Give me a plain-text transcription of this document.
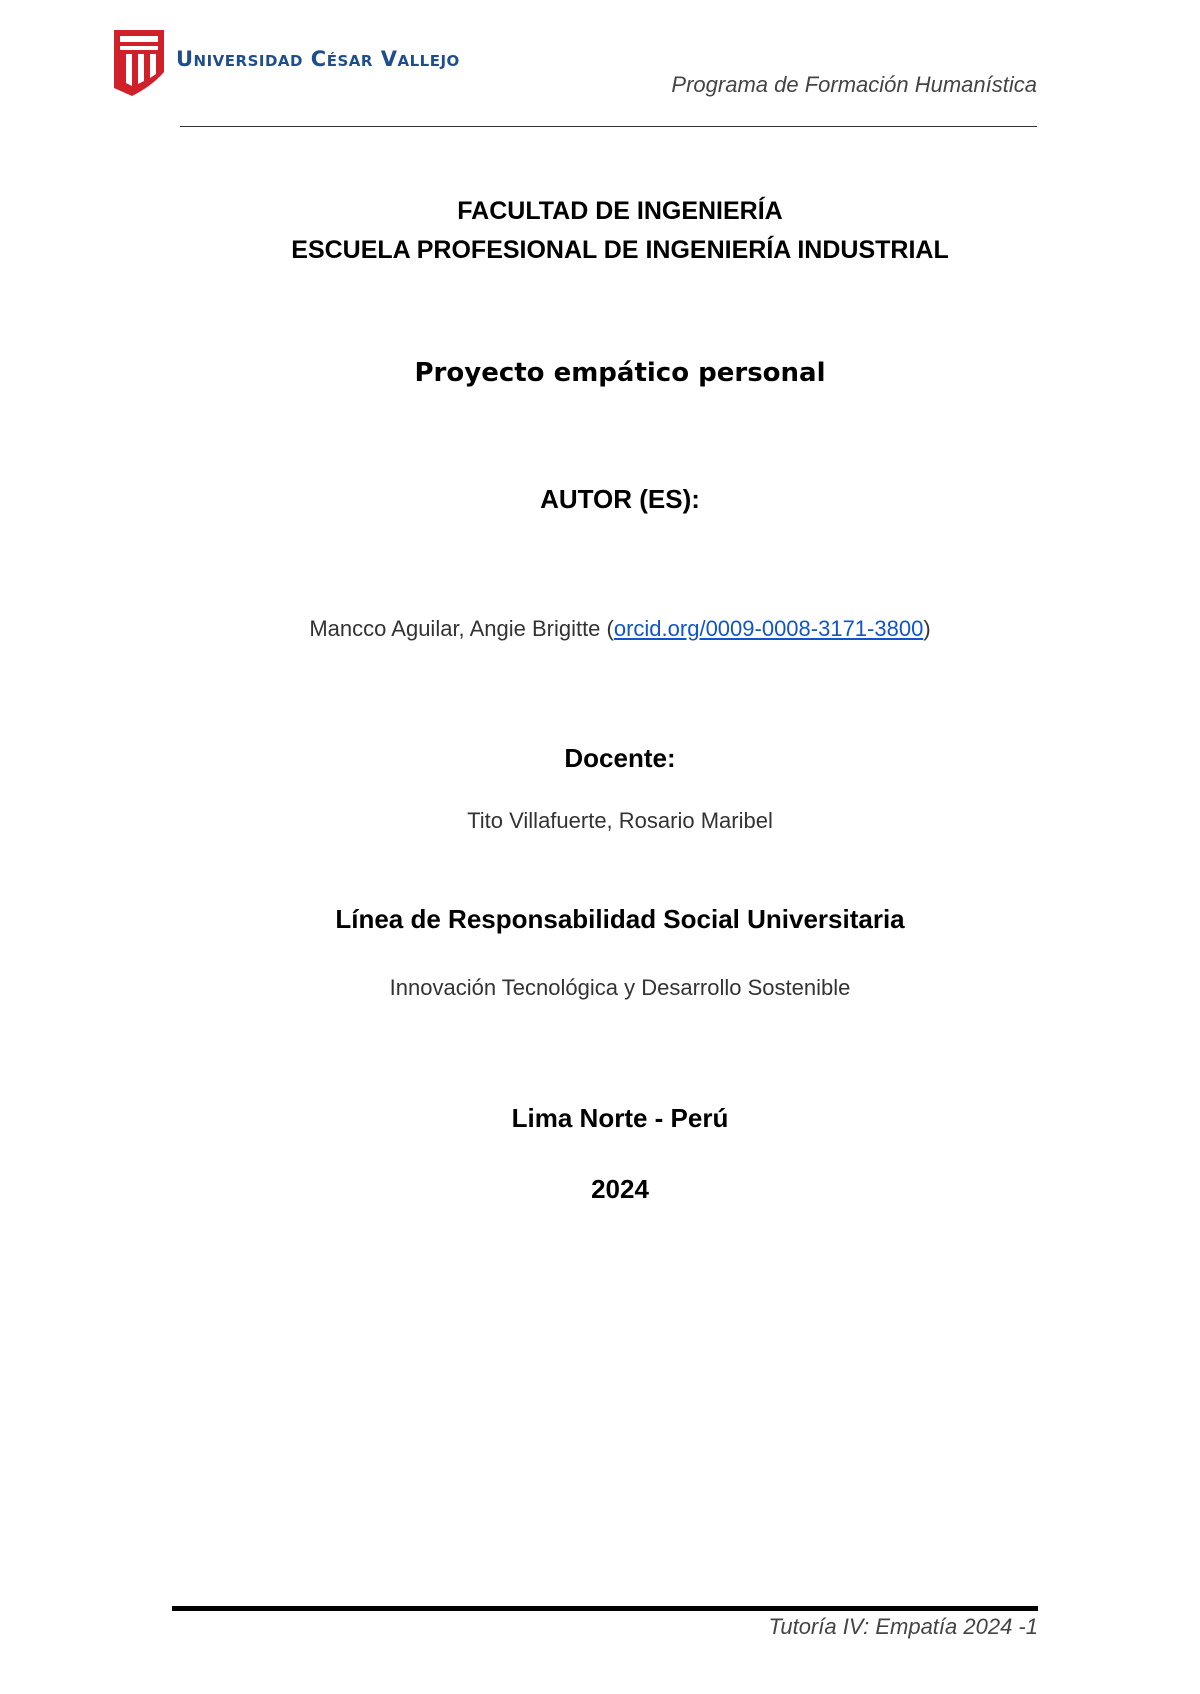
Universidad César Vallejo
Programa de Formación Humanística
FACULTAD DE INGENIERÍA
ESCUELA PROFESIONAL DE INGENIERÍA INDUSTRIAL
Proyecto empático personal
AUTOR (ES):
Mancco Aguilar, Angie Brigitte (orcid.org/0009-0008-3171-3800)
Docente:
Tito Villafuerte, Rosario Maribel
Línea de Responsabilidad Social Universitaria
Innovación Tecnológica y Desarrollo Sostenible
Lima Norte - Perú
2024
Tutoría IV: Empatía 2024 -1
